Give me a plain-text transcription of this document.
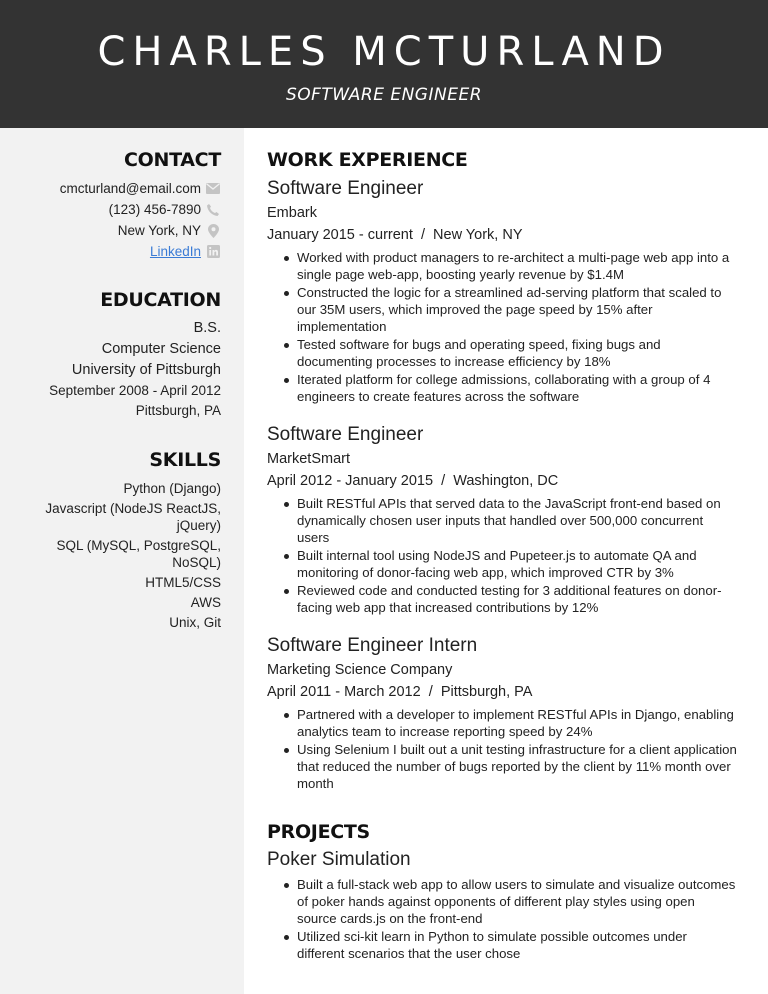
CHARLES MCTURLAND
SOFTWARE ENGINEER
CONTACT
cmcturland@email.com
(123) 456-7890
New York, NY
LinkedIn
EDUCATION
B.S.
Computer Science
University of Pittsburgh
September 2008 - April 2012
Pittsburgh, PA
SKILLS
Python (Django)
Javascript (NodeJS ReactJS, jQuery)
SQL (MySQL, PostgreSQL, NoSQL)
HTML5/CSS
AWS
Unix, Git
WORK EXPERIENCE
Software Engineer
Embark
January 2015 - current  /  New York, NY
Worked with product managers to re-architect a multi-page web app into a single page web-app, boosting yearly revenue by $1.4M
Constructed the logic for a streamlined ad-serving platform that scaled to our 35M users, which improved the page speed by 15% after implementation
Tested software for bugs and operating speed, fixing bugs and documenting processes to increase efficiency by 18%
Iterated platform for college admissions, collaborating with a group of 4 engineers to create features across the software
Software Engineer
MarketSmart
April 2012 - January 2015  /  Washington, DC
Built RESTful APIs that served data to the JavaScript front-end based on dynamically chosen user inputs that handled over 500,000 concurrent users
Built internal tool using NodeJS and Pupeteer.js to automate QA and monitoring of donor-facing web app, which improved CTR by 3%
Reviewed code and conducted testing for 3 additional features on donor-facing web app that increased contributions by 12%
Software Engineer Intern
Marketing Science Company
April 2011 - March 2012  /  Pittsburgh, PA
Partnered with a developer to implement RESTful APIs in Django, enabling analytics team to increase reporting speed by 24%
Using Selenium I built out a unit testing infrastructure for a client application that reduced the number of bugs reported by the client by 11% month over month
PROJECTS
Poker Simulation
Built a full-stack web app to allow users to simulate and visualize outcomes of poker hands against opponents of different play styles using open source cards.js on the front-end
Utilized sci-kit learn in Python to simulate possible outcomes under different scenarios that the user chose
